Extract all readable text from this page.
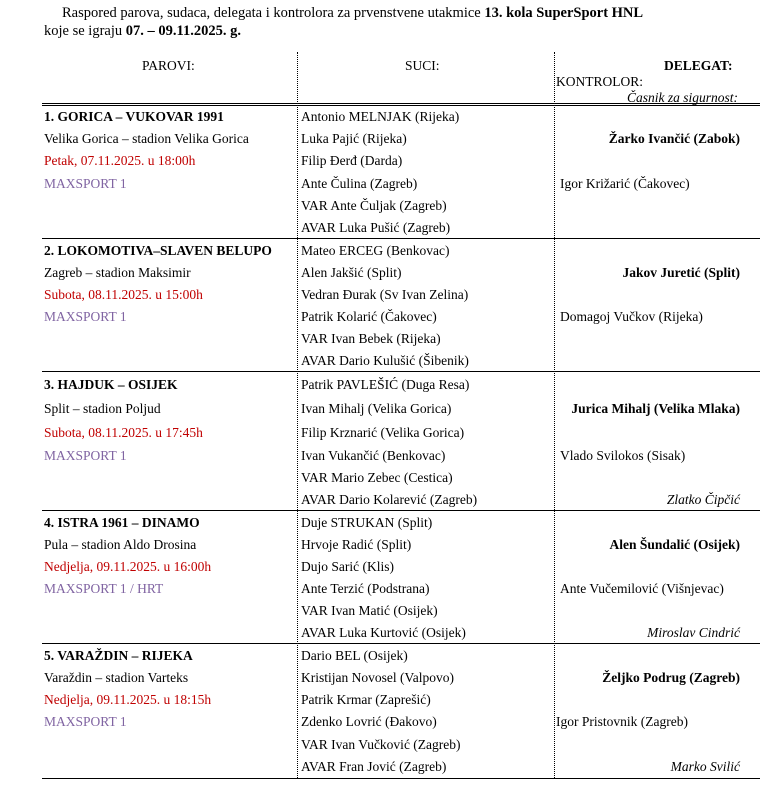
Raspored parova, sudaca, delegata i kontrolora za prvenstvene utakmice 13. kola SuperSport HNL
koje se igraju 07. – 09.11.2025. g.
PAROVI:	SUCI:	DELEGAT:
KONTROLOR:
Časnik za sigurnost:
1. GORICA – VUKOVAR 1991
Velika Gorica – stadion Velika Gorica
Petak, 07.11.2025. u 18:00h
MAXSPORT 1
Antonio MELNJAK (Rijeka)
Luka Pajić (Rijeka)
Filip Đerđ (Darda)
Ante Čulina (Zagreb)
VAR Ante Čuljak (Zagreb)
AVAR Luka Pušić (Zagreb)
Žarko Ivančić (Zabok)
Igor Križarić (Čakovec)
2. LOKOMOTIVA–SLAVEN BELUPO
Zagreb – stadion Maksimir
Subota, 08.11.2025. u 15:00h
MAXSPORT 1
Mateo ERCEG (Benkovac)
Alen Jakšić (Split)
Vedran Đurak (Sv Ivan Zelina)
Patrik Kolarić (Čakovec)
VAR Ivan Bebek (Rijeka)
AVAR Dario Kulušić (Šibenik)
Jakov Juretić (Split)
Domagoj Vučkov (Rijeka)
3. HAJDUK – OSIJEK
Split – stadion Poljud
Subota, 08.11.2025. u 17:45h
MAXSPORT 1
Patrik PAVLEŠIĆ (Duga Resa)
Ivan Mihalj (Velika Gorica)
Filip Krznarić (Velika Gorica)
Ivan Vukančić (Benkovac)
VAR Mario Zebec (Cestica)
AVAR Dario Kolarević (Zagreb)
Jurica Mihalj (Velika Mlaka)
Vlado Svilokos (Sisak)
Zlatko Čipčić
4. ISTRA 1961 – DINAMO
Pula – stadion Aldo Drosina
Nedjelja, 09.11.2025. u 16:00h
MAXSPORT 1 / HRT
Duje STRUKAN (Split)
Hrvoje Radić (Split)
Dujo Sarić (Klis)
Ante Terzić (Podstrana)
VAR Ivan Matić (Osijek)
AVAR Luka Kurtović (Osijek)
Alen Šundalić (Osijek)
Ante Vučemilović (Višnjevac)
Miroslav Cindrić
5. VARAŽDIN – RIJEKA
Varaždin – stadion Varteks
Nedjelja, 09.11.2025. u 18:15h
MAXSPORT 1
Dario BEL (Osijek)
Kristijan Novosel (Valpovo)
Patrik Krmar (Zaprešić)
Zdenko Lovrić (Đakovo)
VAR Ivan Vučković (Zagreb)
AVAR Fran Jović (Zagreb)
Željko Podrug (Zagreb)
Igor Pristovnik (Zagreb)
Marko Svilić
